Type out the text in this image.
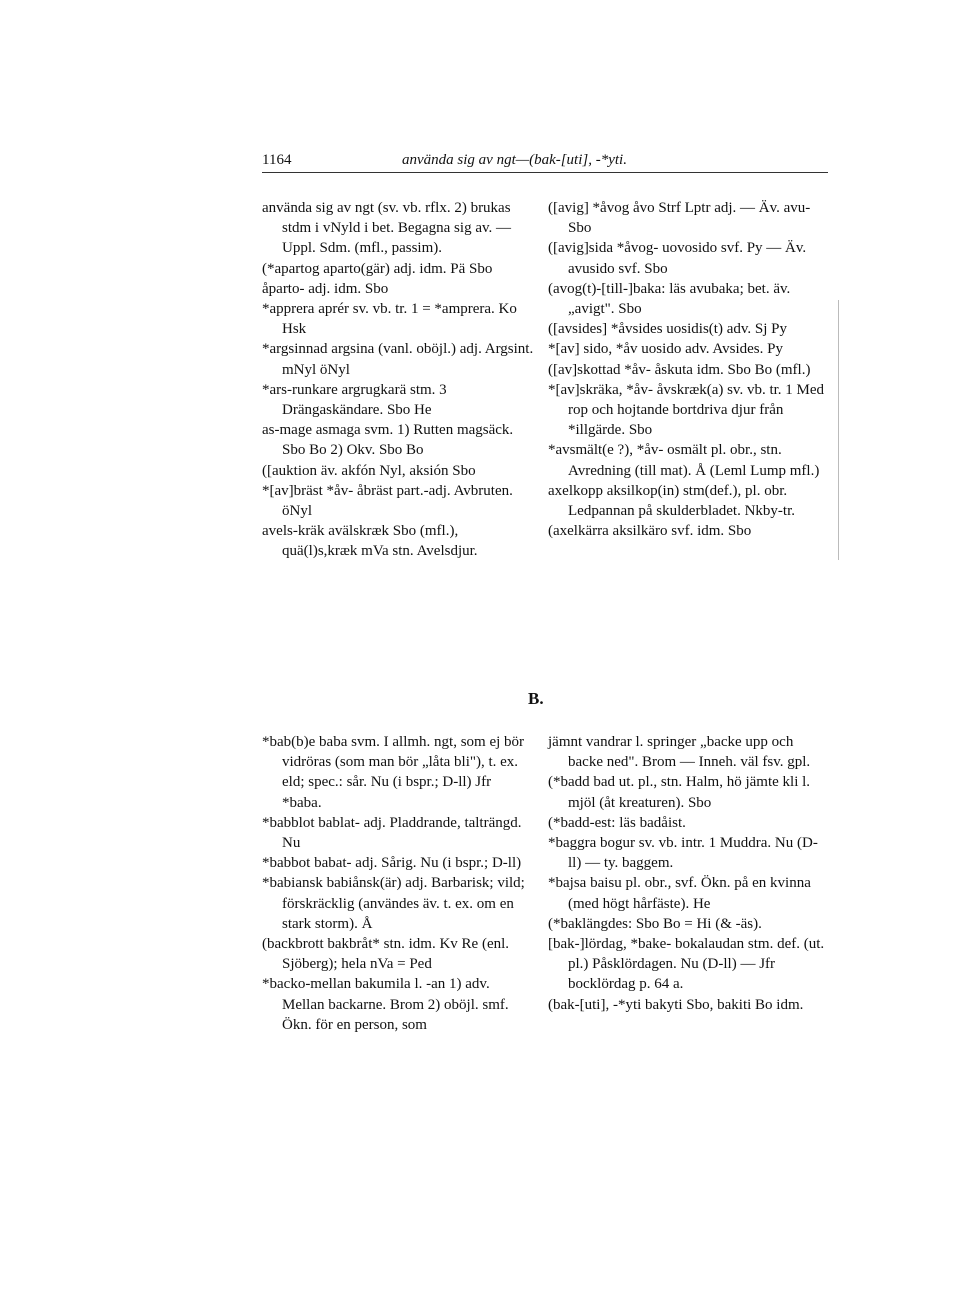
1164	använda sig av ngt—(bak-[uti], -*yti.

använda sig av ngt (sv. vb. rflx. 2) brukas stdm i vNyld i bet. Begagna sig av. — Uppl. Sdm. (mfl., passim).

(*apartog aparto(gär) adj. idm. Pä Sbo

åparto- adj. idm. Sbo

*apprera aprér sv. vb. tr. 1 = *amprera. Ko Hsk

*argsinnad argsina (vanl. oböjl.) adj. Argsint. mNyl öNyl

*ars-runkare argrugkarä stm. 3 Drängaskändare. Sbo He

as-mage asmaga svm. 1) Rutten magsäck. Sbo Bo 2) Okv. Sbo Bo

([auktion äv. akfón Nyl, aksión Sbo

*[av]bräst *åv- åbräst part.-adj. Avbruten. öNyl

avels-kräk avälskræk Sbo (mfl.), quä(l)s,kræk mVa stn. Avelsdjur.

([avig] *åvog åvo Strf Lptr adj. — Äv. avu- Sbo

([avig]sida *åvog- uovosido svf. Py — Äv. avusido svf. Sbo

(avog(t)-[till-]baka: läs avubaka; bet. äv. „avigt". Sbo

([avsides] *åvsides uosidis(t) adv. Sj Py

*[av] sido, *åv uosido adv. Avsides. Py

([av]skottad *åv- åskuta idm. Sbo Bo (mfl.)

*[av]skräka, *åv- åvskræk(a) sv. vb. tr. 1 Med rop och hojtande bortdriva djur från *illgärde. Sbo

*avsmält(e ?), *åv- osmält pl. obr., stn. Avredning (till mat). Å (Leml Lump mfl.)

axelkopp aksilkop(in) stm(def.), pl. obr. Ledpannan på skulderbladet. Nkby-tr.

(axelkärra aksilkäro svf. idm. Sbo

B.

*bab(b)e baba svm. I allmh. ngt, som ej bör vidröras (som man bör „låta bli"), t. ex. eld; spec.: sår. Nu (i bspr.; D-ll) Jfr *baba.

*babblot bablat- adj. Pladdrande, talträngd. Nu

*babbot babat- adj. Sårig. Nu (i bspr.; D-ll)

*babiansk babiånsk(är) adj. Barbarisk; vild; förskräcklig (användes äv. t. ex. om en stark storm). Å

(backbrott bakbråt* stn. idm. Kv Re (enl. Sjöberg); hela nVa = Ped

*backo-mellan bakumila l. -an 1) adv. Mellan backarne. Brom 2) oböjl. smf. Ökn. för en person, som

jämnt vandrar l. springer „backe upp och backe ned". Brom — Inneh. väl fsv. gpl.

(*badd bad ut. pl., stn. Halm, hö jämte kli l. mjöl (åt kreaturen). Sbo

(*badd-est: läs badåist.

*baggra bogur sv. vb. intr. 1 Muddra. Nu (D-ll) — ty. baggem.

*bajsa baisu pl. obr., svf. Ökn. på en kvinna (med högt hårfäste). He

(*baklängdes: Sbo Bo = Hi (& -äs).

[bak-]lördag, *bake- bokalaudan stm. def. (ut. pl.) Påsklördagen. Nu (D-ll) — Jfr bocklördag p. 64 a.

(bak-[uti], -*yti bakyti Sbo, bakiti Bo idm.
